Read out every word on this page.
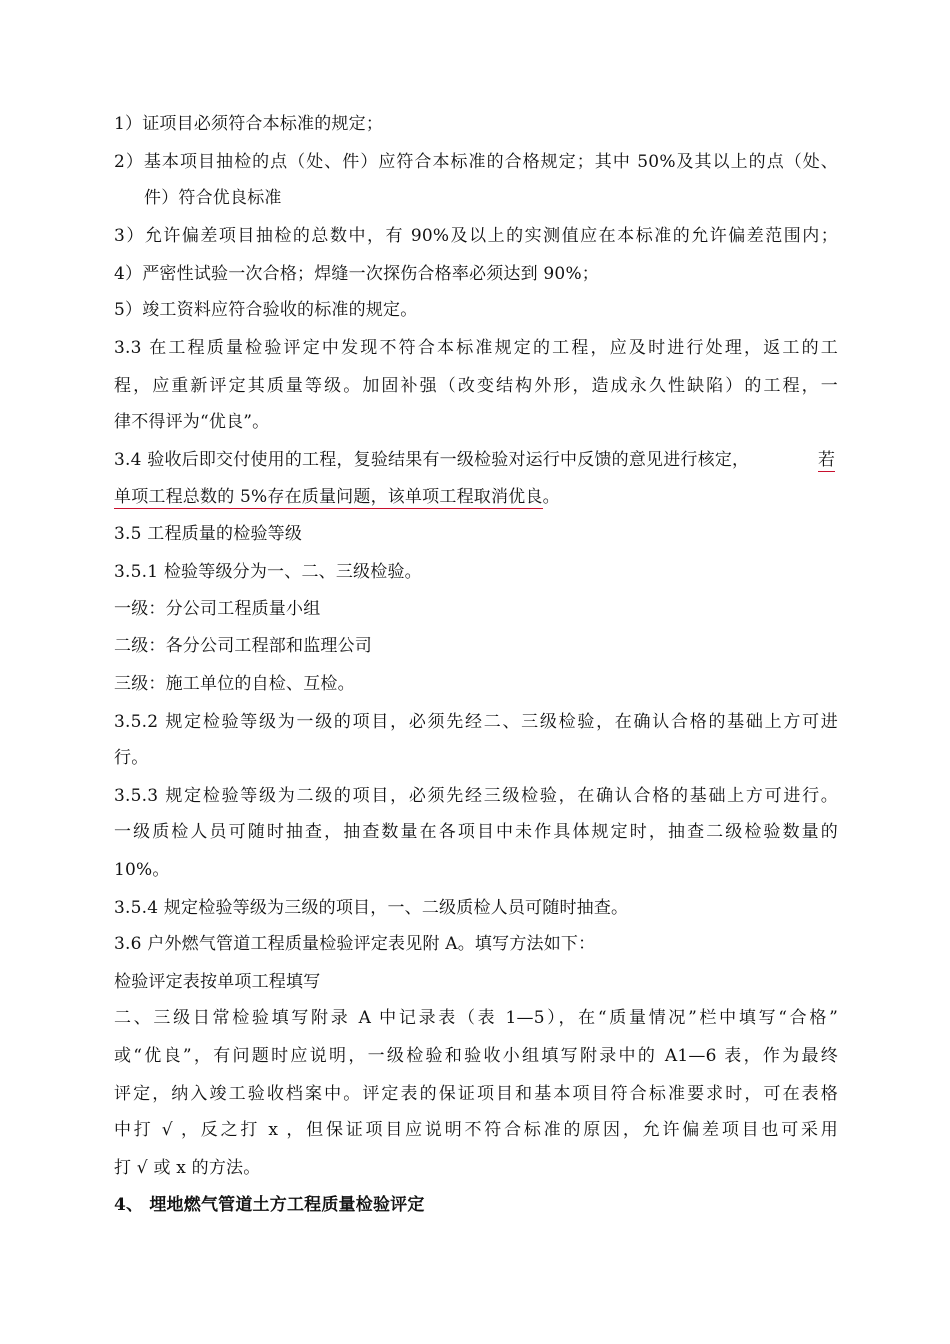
1）证项目必须符合本标准的规定；
2）基本项目抽检的点（处、件）应符合本标准的合格规定；其中 50%及其以上的点（处、
件）符合优良标准
3）允许偏差项目抽检的总数中，有 90%及以上的实测值应在本标准的允许偏差范围内；
4）严密性试验一次合格；焊缝一次探伤合格率必须达到 90%；
5）竣工资料应符合验收的标准的规定。
3.3 在工程质量检验评定中发现不符合本标准规定的工程，应及时进行处理，返工的工
程，应重新评定其质量等级。加固补强（改变结构外形，造成永久性缺陷）的工程，一
律不得评为“优良”。
3.4 验收后即交付使用的工程，复验结果有一级检验对运行中反馈的意见进行核定，	若
单项工程总数的 5%存在质量问题，该单项工程取消优良。
3.5 工程质量的检验等级
3.5.1 检验等级分为一、二、三级检验。
一级：分公司工程质量小组
二级：各分公司工程部和监理公司
三级：施工单位的自检、互检。
3.5.2 规定检验等级为一级的项目，必须先经二、三级检验，在确认合格的基础上方可进
行。
3.5.3 规定检验等级为二级的项目，必须先经三级检验，在确认合格的基础上方可进行。
一级质检人员可随时抽查，抽查数量在各项目中未作具体规定时，抽查二级检验数量的
10%。
3.5.4 规定检验等级为三级的项目，一、二级质检人员可随时抽查。
3.6 户外燃气管道工程质量检验评定表见附 A。填写方法如下：
检验评定表按单项工程填写
二、三级日常检验填写附录 A 中记录表（表 1—5），在“质量情况”栏中填写“合格”
或“优良”，有问题时应说明，一级检验和验收小组填写附录中的 A1—6 表，作为最终
评定，纳入竣工验收档案中。评定表的保证项目和基本项目符合标准要求时，可在表格
中打 √ ，反之打 x ，但保证项目应说明不符合标准的原因，允许偏差项目也可采用
打 √ 或 x 的方法。
4、 埋地燃气管道土方工程质量检验评定
